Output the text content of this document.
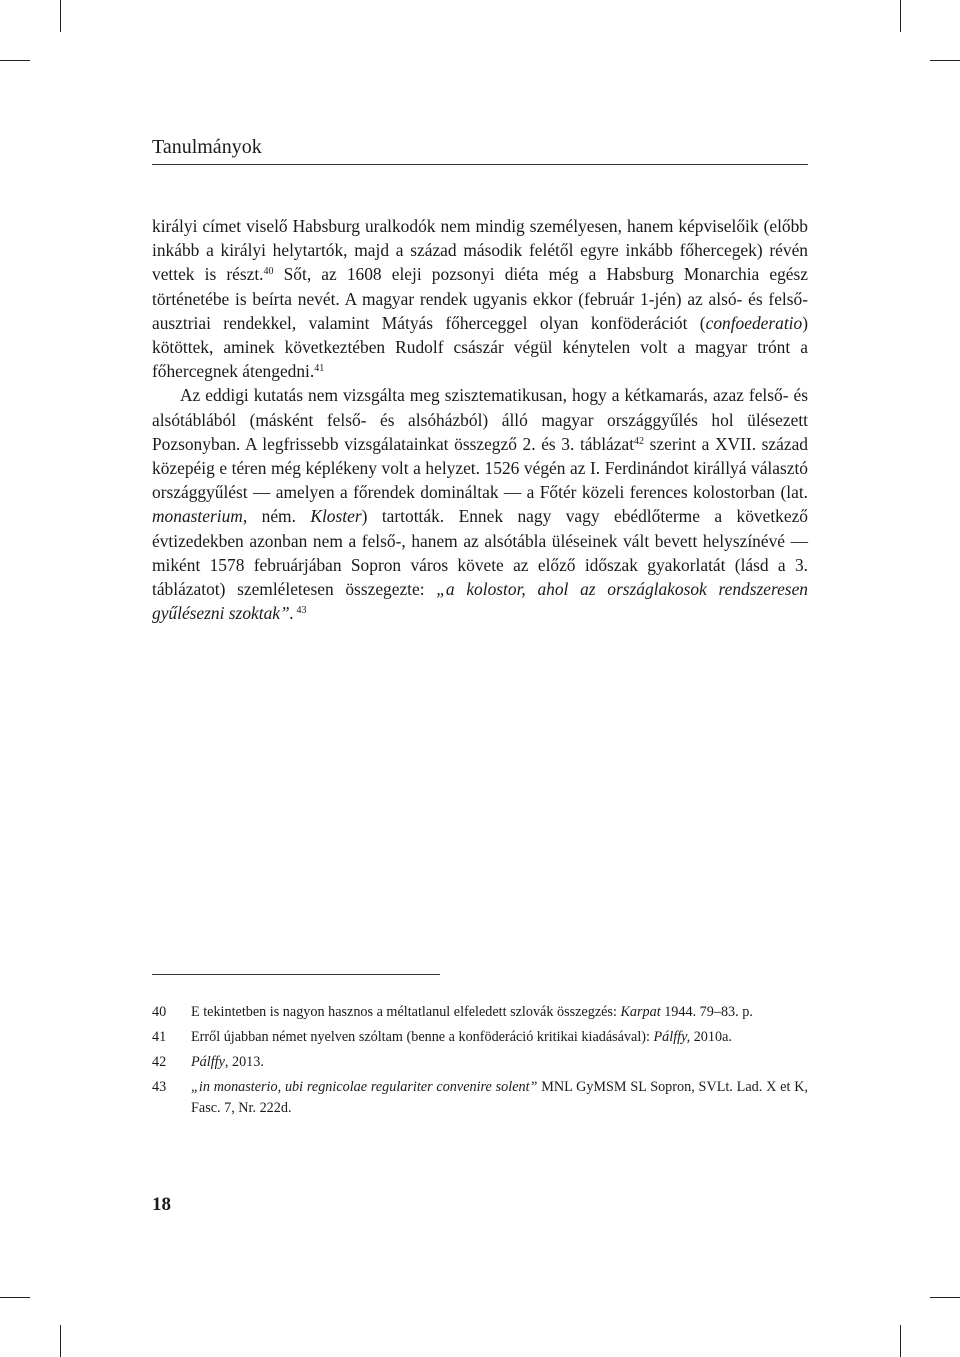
Tanulmányok

királyi címet viselő Habsburg uralkodók nem mindig személyesen, hanem képviselőik (előbb inkább a királyi helytartók, majd a század második felétől egyre inkább főhercegek) révén vettek is részt.$^{40}$ Sőt, az 1608 eleji pozsonyi diéta még a Habsburg Monarchia egész történetébe is beírta nevét. A magyar rendek ugyanis ekkor (február 1-jén) az alsó- és felső-ausztriai rendekkel, valamint Mátyás főherceggel olyan konföderációt (confoederatio) kötöttek, aminek következtében Rudolf császár végül kénytelen volt a magyar trónt a főhercegnek átengedni.$^{41}$

Az eddigi kutatás nem vizsgálta meg szisztematikusan, hogy a kétkamarás, azaz felső- és alsótáblából (másként felső- és alsóházból) álló magyar országgyűlés hol ülésezett Pozsonyban. A legfrissebb vizsgálatainkat összegző 2. és 3. táblázat$^{42}$ szerint a XVII. század közepéig e téren még képlékeny volt a helyzet. 1526 végén az I. Ferdinándot királlyá választó országgyűlést — amelyen a főrendek domináltak — a Főtér közeli ferences kolostorban (lat. monasterium, ném. Kloster) tartották. Ennek nagy vagy ebédlőterme a következő évtizedekben azonban nem a felső-, hanem az alsótábla üléseinek vált bevett helyszínévé — miként 1578 februárjában Sopron város követe az előző időszak gyakorlatát (lásd a 3. táblázatot) szemléletesen összegezte: „a kolostor, ahol az országlakosok rendszeresen gyűlésezni szoktak”. $^{43}$

40 E tekintetben is nagyon hasznos a méltatlanul elfeledett szlovák összegzés: Karpat 1944. 79–83. p.
41 Erről újabban német nyelven szóltam (benne a konföderáció kritikai kiadásával): Pálffy, 2010a.
42 Pálffy, 2013.
43 „in monasterio, ubi regnicolae regulariter convenire solent” MNL GyMSM SL Sopron, SVLt. Lad. X et K, Fasc. 7, Nr. 222d.
18
